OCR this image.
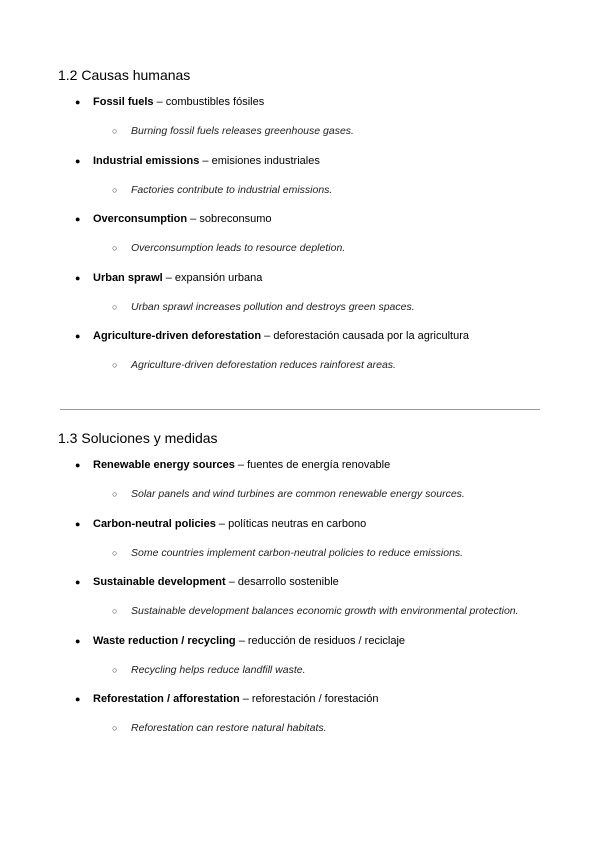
1.2 Causas humanas
● Fossil fuels – combustibles fósiles
○ Burning fossil fuels releases greenhouse gases.
● Industrial emissions – emisiones industriales
○ Factories contribute to industrial emissions.
● Overconsumption – sobreconsumo
○ Overconsumption leads to resource depletion.
● Urban sprawl – expansión urbana
○ Urban sprawl increases pollution and destroys green spaces.
● Agriculture-driven deforestation – deforestación causada por la agricultura
○ Agriculture-driven deforestation reduces rainforest areas.
1.3 Soluciones y medidas
● Renewable energy sources – fuentes de energía renovable
○ Solar panels and wind turbines are common renewable energy sources.
● Carbon-neutral policies – políticas neutras en carbono
○ Some countries implement carbon-neutral policies to reduce emissions.
● Sustainable development – desarrollo sostenible
○ Sustainable development balances economic growth with environmental protection.
● Waste reduction / recycling – reducción de residuos / reciclaje
○ Recycling helps reduce landfill waste.
● Reforestation / afforestation – reforestación / forestación
○ Reforestation can restore natural habitats.
